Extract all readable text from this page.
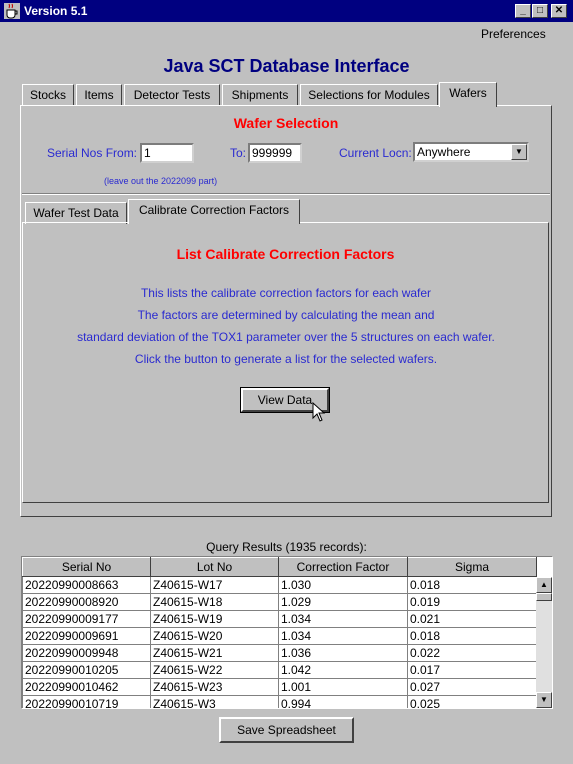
Version 5.1	_	□	✕
Preferences
Java SCT Database Interface
Stocks	Items	Detector Tests	Shipments	Selections for Modules	Wafers
Wafer Selection
Serial Nos From:
1	To:
999999	Current Locn: Anywhere	▼
(leave out the 2022099 part)
Wafer Test Data	Calibrate Correction Factors
List Calibrate Correction Factors
This lists the calibrate correction factors for each wafer
The factors are determined by calculating the mean and
standard deviation of the TOX1 parameter over the 5 structures on each wafer.
Click the button to generate a list for the selected wafers.
View Data
Query Results (1935 records):
Serial No	Lot No	Correction Factor	Sigma
20220990008663	Z40615-W17	1.030	0.018
20220990008920	Z40615-W18	1.029	0.019
20220990009177	Z40615-W19	1.034	0.021
20220990009691	Z40615-W20	1.034	0.018
20220990009948	Z40615-W21	1.036	0.022
20220990010205	Z40615-W22	1.042	0.017
20220990010462	Z40615-W23	1.001	0.027
20220990010719	Z40615-W3	0.994	0.025
▲
▼
Save Spreadsheet
